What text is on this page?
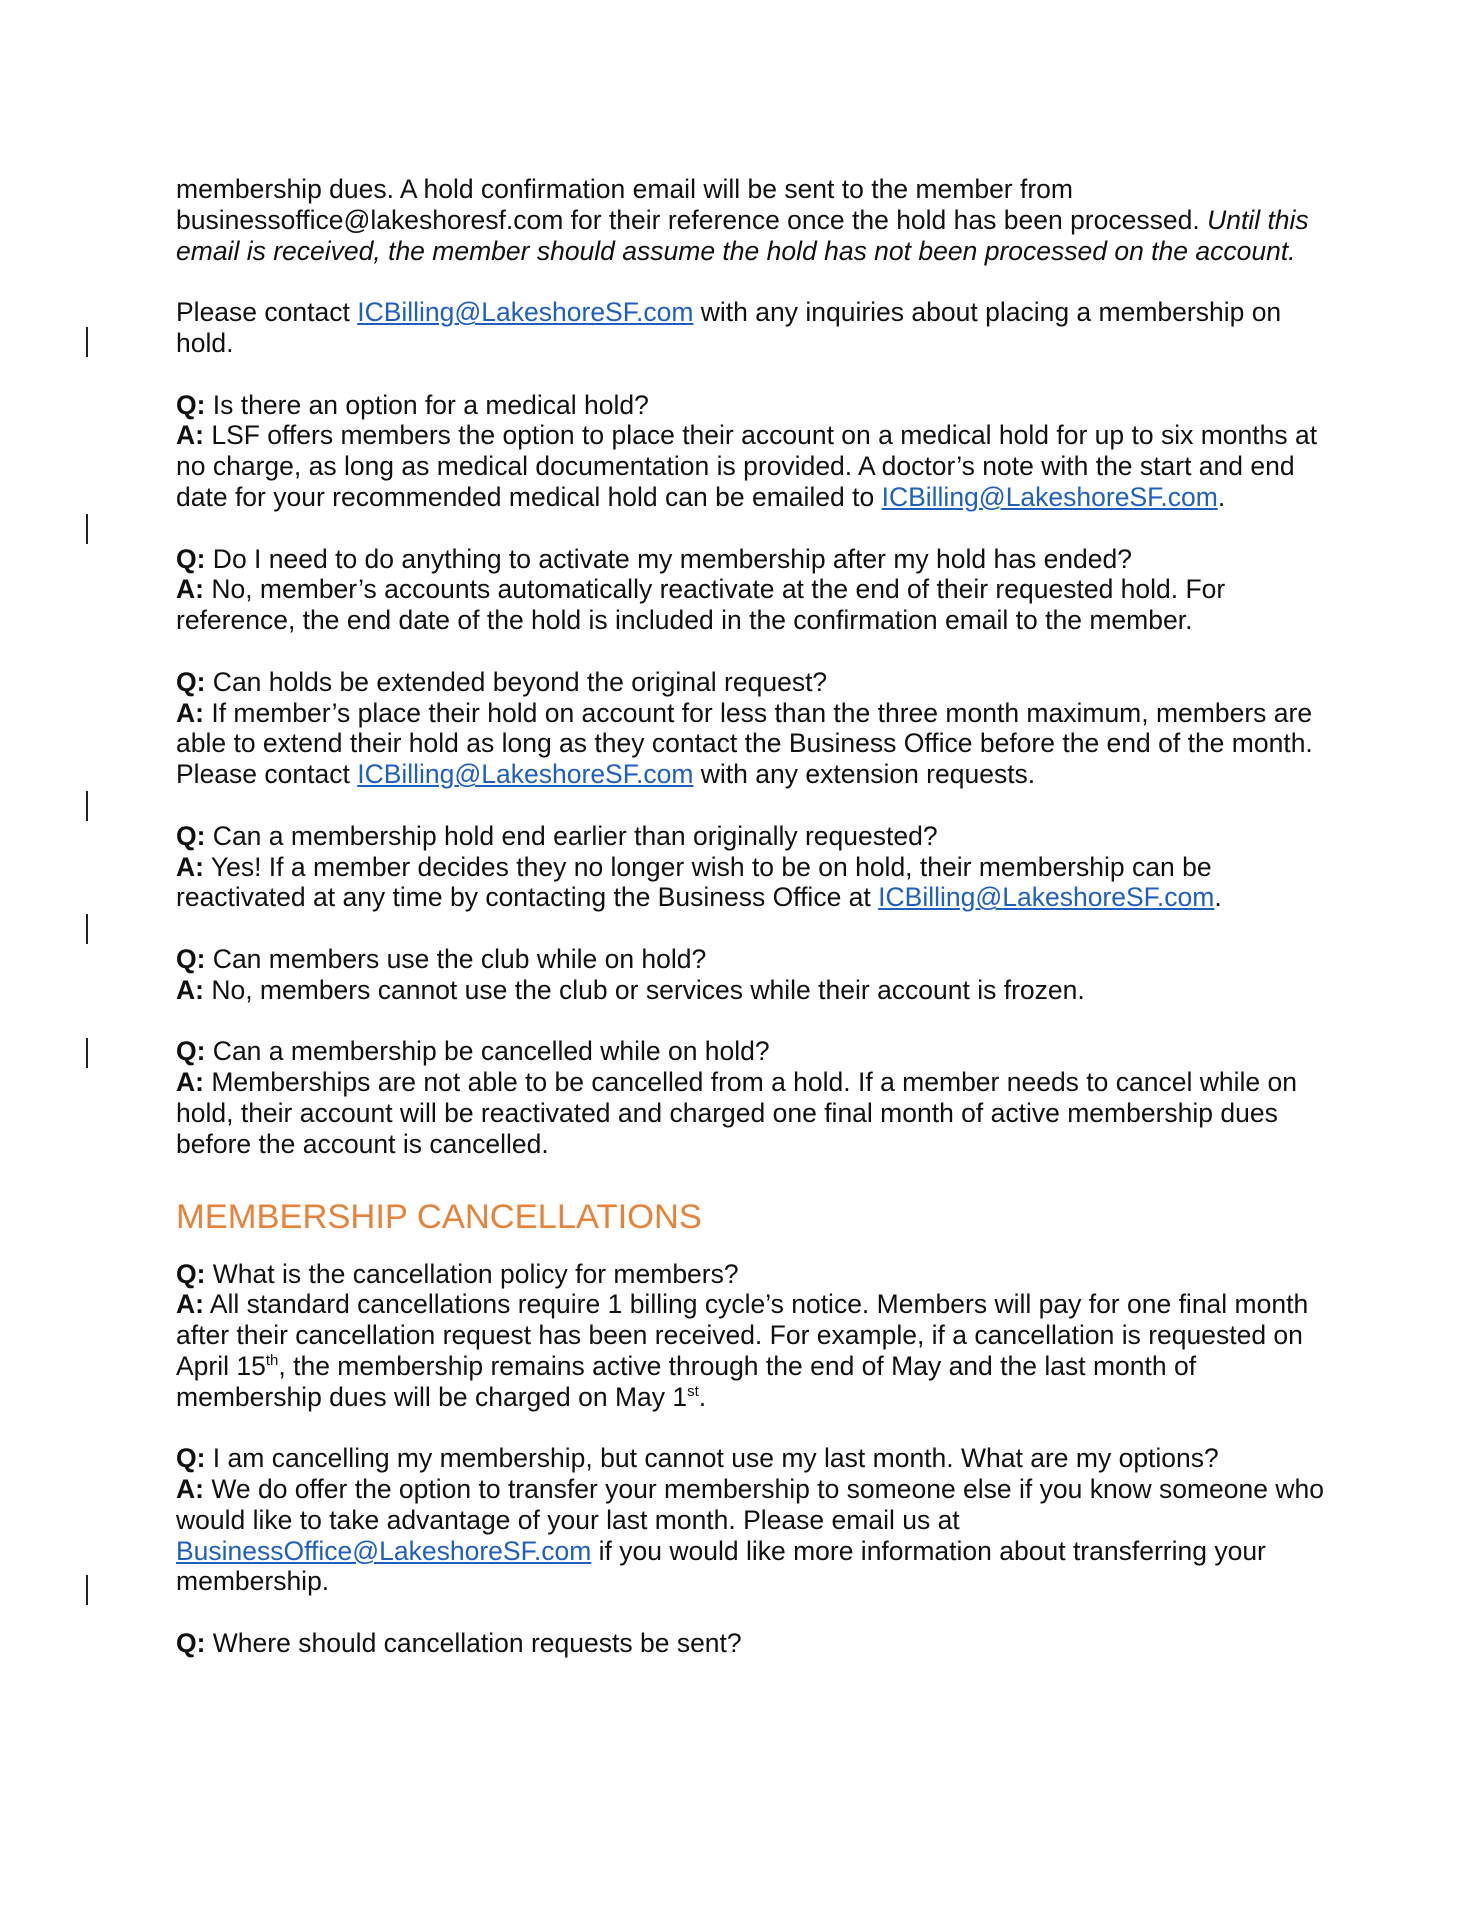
membership dues. A hold confirmation email will be sent to the member from businessoffice@lakeshoresf.com for their reference once the hold has been processed. Until this email is received, the member should assume the hold has not been processed on the account.

Please contact ICBilling@LakeshoreSF.com with any inquiries about placing a membership on hold.

Q: Is there an option for a medical hold?
A: LSF offers members the option to place their account on a medical hold for up to six months at no charge, as long as medical documentation is provided. A doctor’s note with the start and end date for your recommended medical hold can be emailed to ICBilling@LakeshoreSF.com.

Q: Do I need to do anything to activate my membership after my hold has ended?
A: No, member’s accounts automatically reactivate at the end of their requested hold. For reference, the end date of the hold is included in the confirmation email to the member.

Q: Can holds be extended beyond the original request?
A: If member’s place their hold on account for less than the three month maximum, members are able to extend their hold as long as they contact the Business Office before the end of the month. Please contact ICBilling@LakeshoreSF.com with any extension requests.

Q: Can a membership hold end earlier than originally requested?
A: Yes! If a member decides they no longer wish to be on hold, their membership can be reactivated at any time by contacting the Business Office at ICBilling@LakeshoreSF.com.

Q: Can members use the club while on hold?
A: No, members cannot use the club or services while their account is frozen.

Q: Can a membership be cancelled while on hold?
A: Memberships are not able to be cancelled from a hold. If a member needs to cancel while on hold, their account will be reactivated and charged one final month of active membership dues before the account is cancelled.

MEMBERSHIP CANCELLATIONS

Q: What is the cancellation policy for members?
A: All standard cancellations require 1 billing cycle’s notice. Members will pay for one final month after their cancellation request has been received. For example, if a cancellation is requested on April 15th, the membership remains active through the end of May and the last month of membership dues will be charged on May 1st.

Q: I am cancelling my membership, but cannot use my last month. What are my options?
A: We do offer the option to transfer your membership to someone else if you know someone who would like to take advantage of your last month. Please email us at BusinessOffice@LakeshoreSF.com if you would like more information about transferring your membership.

Q: Where should cancellation requests be sent?
